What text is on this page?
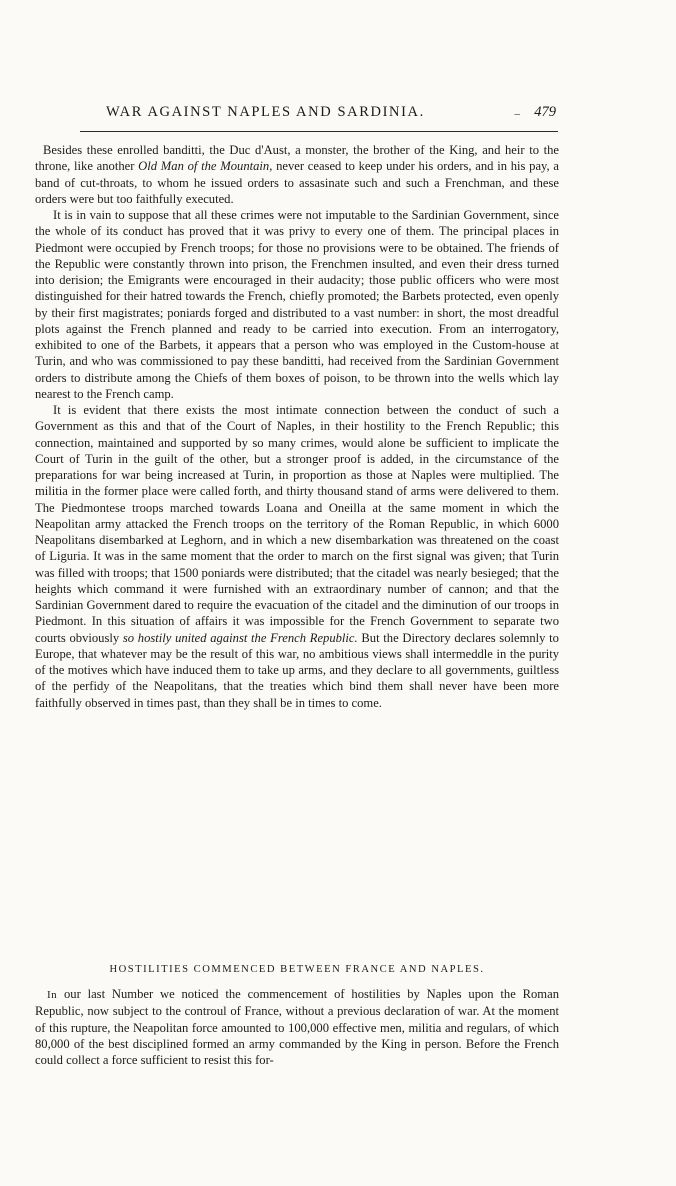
WAR AGAINST NAPLES AND SARDINIA.	– 479

Besides these enrolled banditti, the Duc d'Aust, a monster, the brother of the King, and heir to the throne, like another Old Man of the Mountain, never ceased to keep under his orders, and in his pay, a band of cut-throats, to whom he issued orders to assasinate such and such a Frenchman, and these orders were but too faithfully executed.

It is in vain to suppose that all these crimes were not imputable to the Sardinian Government, since the whole of its conduct has proved that it was privy to every one of them. The principal places in Piedmont were occupied by French troops; for those no provisions were to be obtained. The friends of the Republic were constantly thrown into prison, the Frenchmen insulted, and even their dress turned into derision; the Emigrants were encouraged in their audacity; those public officers who were most distinguished for their hatred towards the French, chiefly promoted; the Barbets protected, even openly by their first magistrates; poniards forged and distributed to a vast number: in short, the most dreadful plots against the French planned and ready to be carried into execution. From an interrogatory, exhibited to one of the Barbets, it appears that a person who was employed in the Custom-house at Turin, and who was commissioned to pay these banditti, had received from the Sardinian Government orders to distribute among the Chiefs of them boxes of poison, to be thrown into the wells which lay nearest to the French camp.

It is evident that there exists the most intimate connection between the conduct of such a Government as this and that of the Court of Naples, in their hostility to the French Republic; this connection, maintained and supported by so many crimes, would alone be sufficient to implicate the Court of Turin in the guilt of the other, but a stronger proof is added, in the circumstance of the preparations for war being increased at Turin, in proportion as those at Naples were multiplied. The militia in the former place were called forth, and thirty thousand stand of arms were delivered to them. The Piedmontese troops marched towards Loana and Oneilla at the same moment in which the Neapolitan army attacked the French troops on the territory of the Roman Republic, in which 6000 Neapolitans disembarked at Leghorn, and in which a new disembarkation was threatened on the coast of Liguria. It was in the same moment that the order to march on the first signal was given; that Turin was filled with troops; that 1500 poniards were distributed; that the citadel was nearly besieged; that the heights which command it were furnished with an extraordinary number of cannon; and that the Sardinian Government dared to require the evacuation of the citadel and the diminution of our troops in Piedmont. In this situation of affairs it was impossible for the French Government to separate two courts obviously so hostily united against the French Republic. But the Directory declares solemnly to Europe, that whatever may be the result of this war, no ambitious views shall intermeddle in the purity of the motives which have induced them to take up arms, and they declare to all governments, guiltless of the perfidy of the Neapolitans, that the treaties which bind them shall never have been more faithfully observed in times past, than they shall be in times to come.

HOSTILITIES COMMENCED BETWEEN FRANCE AND NAPLES.

In our last Number we noticed the commencement of hostilities by Naples upon the Roman Republic, now subject to the controul of France, without a previous declaration of war. At the moment of this rupture, the Neapolitan force amounted to 100,000 effective men, militia and regulars, of which 80,000 of the best disciplined formed an army commanded by the King in person. Before the French could collect a force sufficient to resist this for-
